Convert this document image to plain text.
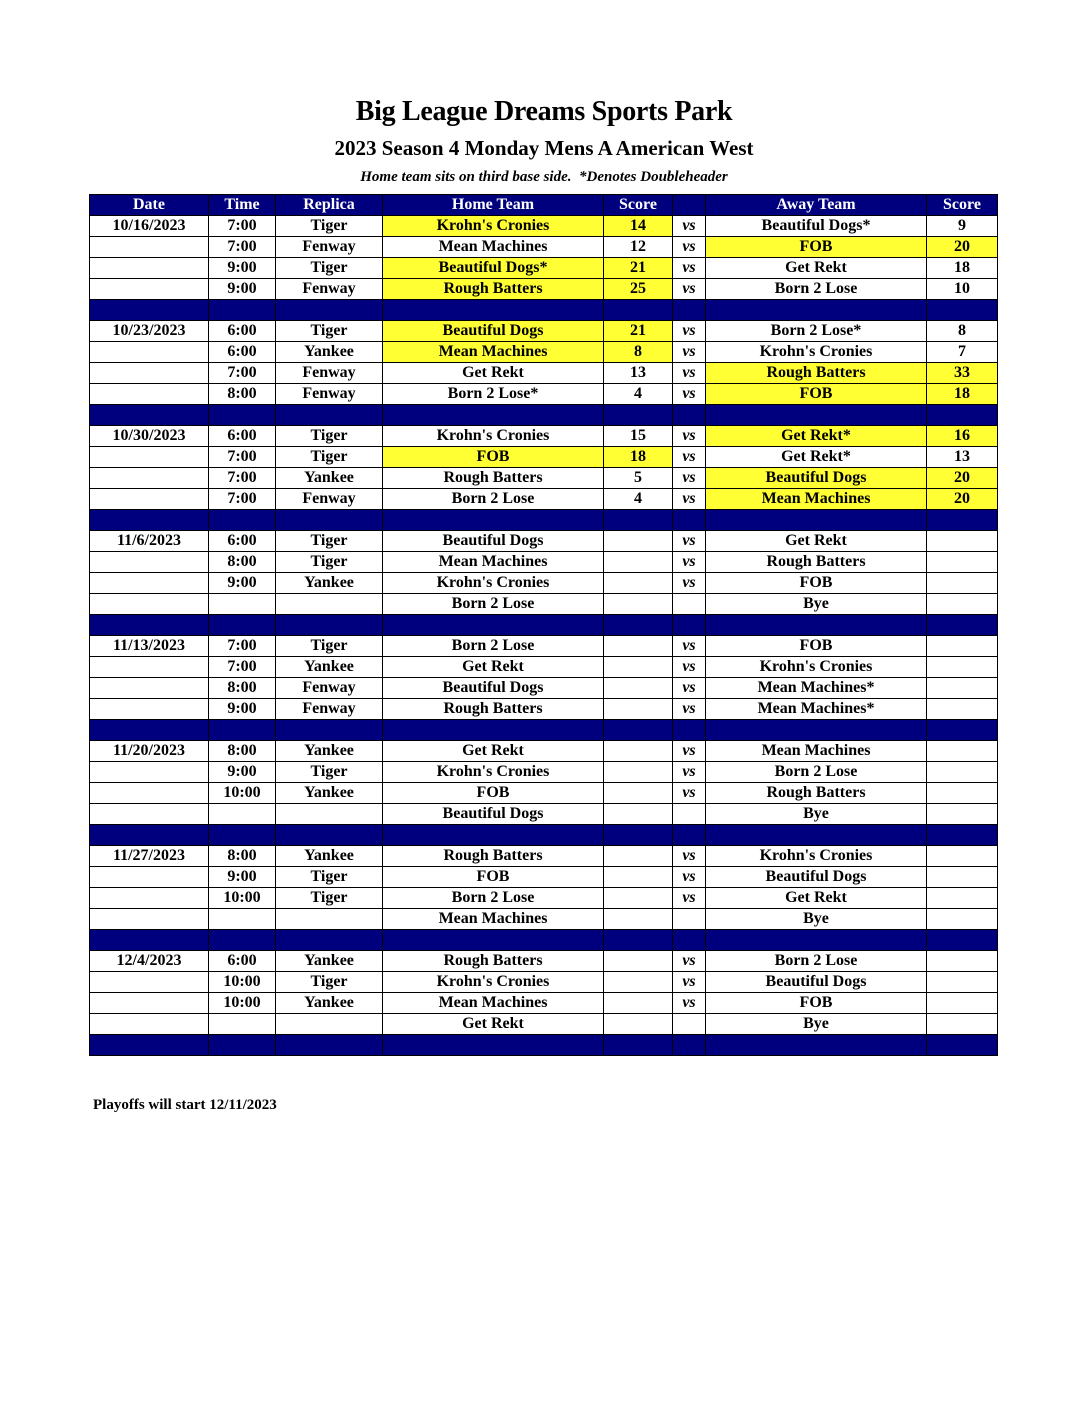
Big League Dreams Sports Park
2023 Season 4 Monday Mens A American West
Home team sits on third base side.  *Denotes Doubleheader
Date	Time	Replica	Home Team	Score		Away Team	Score
10/16/2023	7:00	Tiger	Krohn's Cronies	14	vs	Beautiful Dogs*	9
	7:00	Fenway	Mean Machines	12	vs	FOB	20
	9:00	Tiger	Beautiful Dogs*	21	vs	Get Rekt	18
	9:00	Fenway	Rough Batters	25	vs	Born 2 Lose	10

10/23/2023	6:00	Tiger	Beautiful Dogs	21	vs	Born 2 Lose*	8
	6:00	Yankee	Mean Machines	8	vs	Krohn's Cronies	7
	7:00	Fenway	Get Rekt	13	vs	Rough Batters	33
	8:00	Fenway	Born 2 Lose*	4	vs	FOB	18

10/30/2023	6:00	Tiger	Krohn's Cronies	15	vs	Get Rekt*	16
	7:00	Tiger	FOB	18	vs	Get Rekt*	13
	7:00	Yankee	Rough Batters	5	vs	Beautiful Dogs	20
	7:00	Fenway	Born 2 Lose	4	vs	Mean Machines	20

11/6/2023	6:00	Tiger	Beautiful Dogs		vs	Get Rekt	
	8:00	Tiger	Mean Machines		vs	Rough Batters	
	9:00	Yankee	Krohn's Cronies		vs	FOB	
			Born 2 Lose			Bye	

11/13/2023	7:00	Tiger	Born 2 Lose		vs	FOB	
	7:00	Yankee	Get Rekt		vs	Krohn's Cronies	
	8:00	Fenway	Beautiful Dogs		vs	Mean Machines*	
	9:00	Fenway	Rough Batters		vs	Mean Machines*	

11/20/2023	8:00	Yankee	Get Rekt		vs	Mean Machines	
	9:00	Tiger	Krohn's Cronies		vs	Born 2 Lose	
	10:00	Yankee	FOB		vs	Rough Batters	
			Beautiful Dogs			Bye	

11/27/2023	8:00	Yankee	Rough Batters		vs	Krohn's Cronies	
	9:00	Tiger	FOB		vs	Beautiful Dogs	
	10:00	Tiger	Born 2 Lose		vs	Get Rekt	
			Mean Machines			Bye	

12/4/2023	6:00	Yankee	Rough Batters		vs	Born 2 Lose	
	10:00	Tiger	Krohn's Cronies		vs	Beautiful Dogs	
	10:00	Yankee	Mean Machines		vs	FOB	
			Get Rekt			Bye	

Playoffs will start 12/11/2023
